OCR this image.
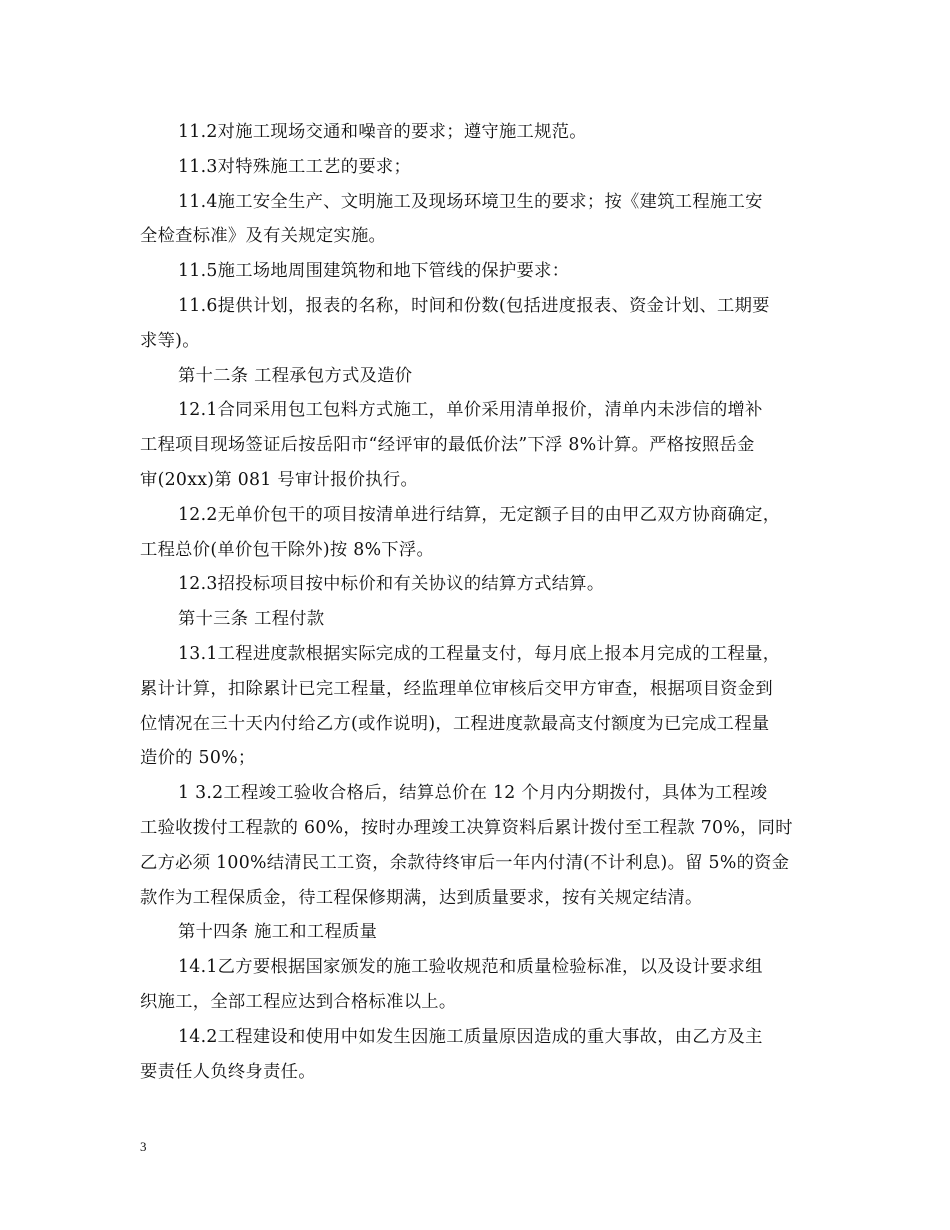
11.2对施工现场交通和噪音的要求；遵守施工规范。
11.3对特殊施工工艺的要求；
11.4施工安全生产、文明施工及现场环境卫生的要求；按《建筑工程施工安
全检查标准》及有关规定实施。
11.5施工场地周围建筑物和地下管线的保护要求：
11.6提供计划，报表的名称，时间和份数(包括进度报表、资金计划、工期要
求等)。
第十二条 工程承包方式及造价
12.1合同采用包工包料方式施工，单价采用清单报价，清单内未涉信的增补
工程项目现场签证后按岳阳市“经评审的最低价法”下浮 8%计算。严格按照岳金
审(20xx)第 081 号审计报价执行。
12.2无单价包干的项目按清单进行结算，无定额子目的由甲乙双方协商确定，
工程总价(单价包干除外)按 8%下浮。
12.3招投标项目按中标价和有关协议的结算方式结算。
第十三条 工程付款
13.1工程进度款根据实际完成的工程量支付，每月底上报本月完成的工程量，
累计计算，扣除累计已完工程量，经监理单位审核后交甲方审查，根据项目资金到
位情况在三十天内付给乙方(或作说明)，工程进度款最高支付额度为已完成工程量
造价的 50%；
1 3.2工程竣工验收合格后，结算总价在 12 个月内分期拨付，具体为工程竣
工验收拨付工程款的 60%，按时办理竣工决算资料后累计拨付至工程款 70%，同时
乙方必须 100%结清民工工资，余款待终审后一年内付清(不计利息)。留 5%的资金
款作为工程保质金，待工程保修期满，达到质量要求，按有关规定结清。
第十四条 施工和工程质量
14.1乙方要根据国家颁发的施工验收规范和质量检验标准，以及设计要求组
织施工，全部工程应达到合格标准以上。
14.2工程建设和使用中如发生因施工质量原因造成的重大事故，由乙方及主
要责任人负终身责任。
3
